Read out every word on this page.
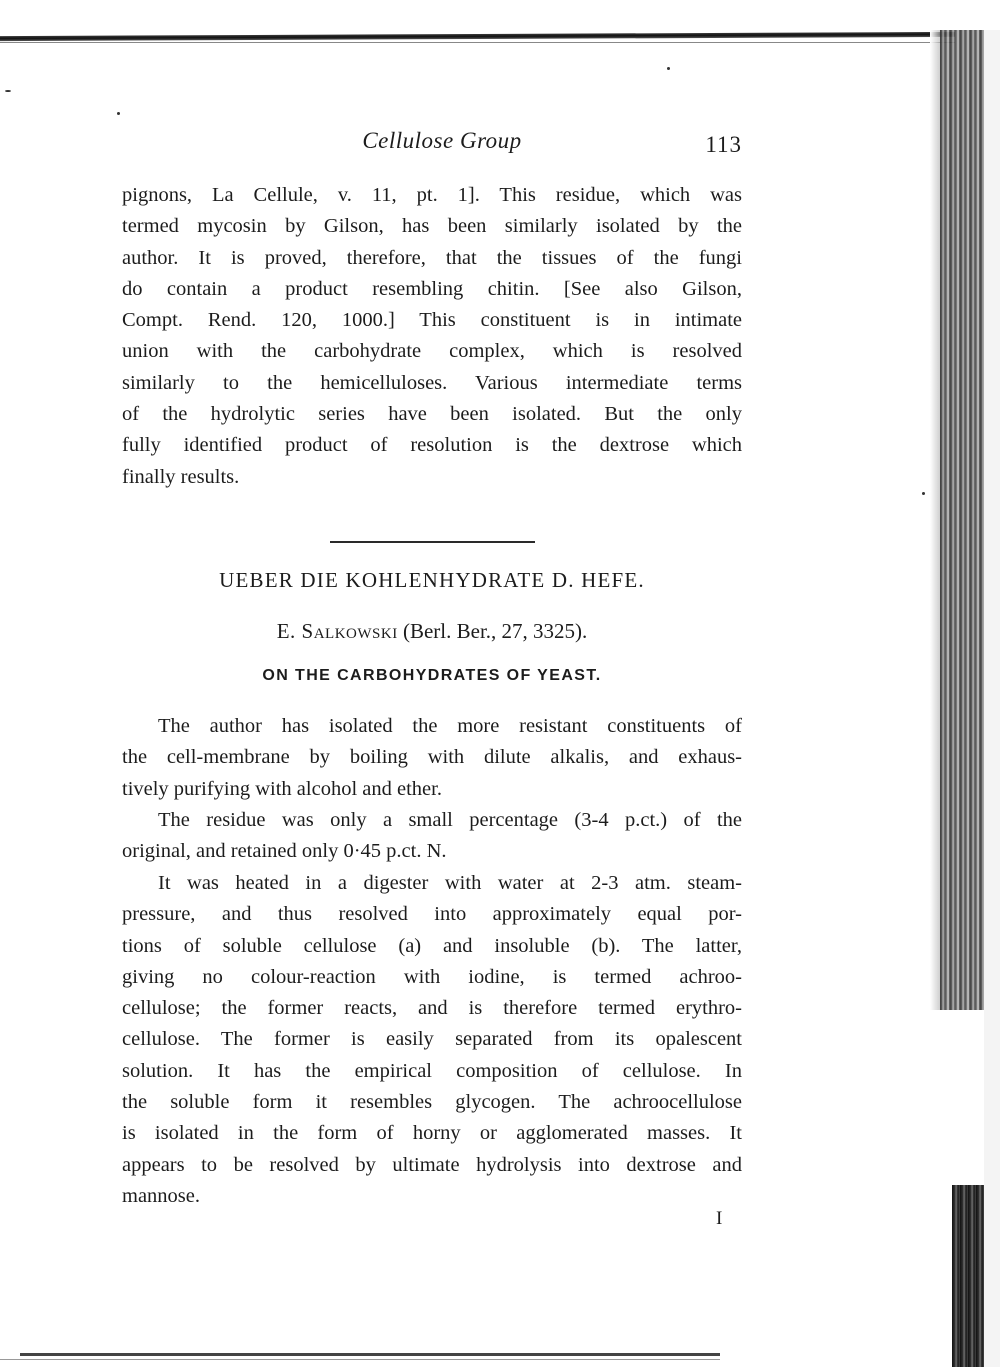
Cellulose Group	113

pignons, La Cellule, v. 11, pt. 1]. This residue, which was
termed mycosin by Gilson, has been similarly isolated by the
author. It is proved, therefore, that the tissues of the fungi
do contain a product resembling chitin. [See also Gilson,
Compt. Rend. 120, 1000.] This constituent is in intimate
union with the carbohydrate complex, which is resolved
similarly to the hemicelluloses. Various intermediate terms
of the hydrolytic series have been isolated. But the only
fully identified product of resolution is the dextrose which
finally results.

UEBER DIE KOHLENHYDRATE D. HEFE.
E. Salkowski (Berl. Ber., 27, 3325).
ON THE CARBOHYDRATES OF YEAST.

The author has isolated the more resistant constituents of
the cell-membrane by boiling with dilute alkalis, and exhaus-
tively purifying with alcohol and ether.

The residue was only a small percentage (3-4 p.ct.) of the
original, and retained only 0·45 p.ct. N.

It was heated in a digester with water at 2-3 atm. steam-
pressure, and thus resolved into approximately equal por-
tions of soluble cellulose (a) and insoluble (b). The latter,
giving no colour-reaction with iodine, is termed achroo-
cellulose; the former reacts, and is therefore termed erythro-
cellulose. The former is easily separated from its opalescent
solution. It has the empirical composition of cellulose. In
the soluble form it resembles glycogen. The achroocellulose
is isolated in the form of horny or agglomerated masses. It
appears to be resolved by ultimate hydrolysis into dextrose and
mannose.

I
